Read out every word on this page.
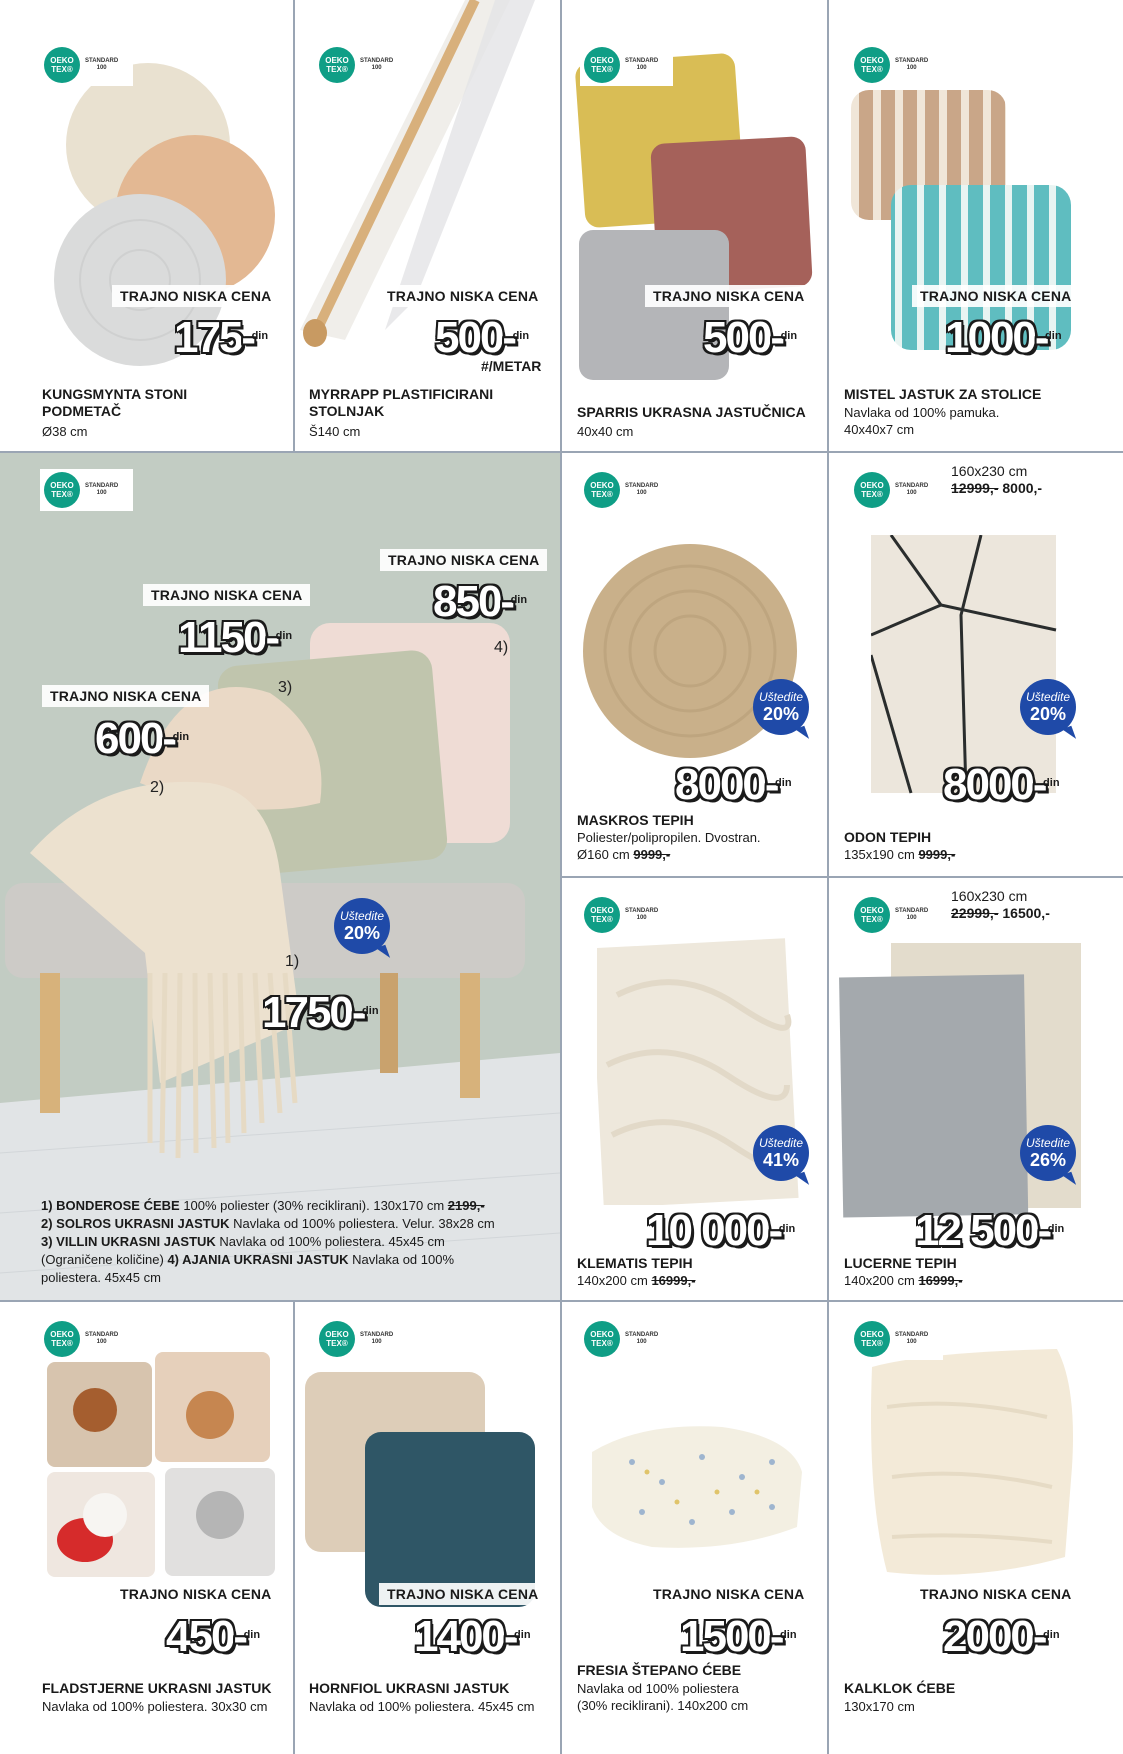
OEKO
TEX®
STANDARD
100
TRAJNO NISKA CENA
175-
din
KUNGSMYNTA STONI
PODMETAČ
Ø38 cm
OEKO
TEX®
STANDARD
100
TRAJNO NISKA CENA
500-
din
#/METAR
MYRRAPP PLASTIFICIRANI
STOLNJAK
Š140 cm
OEKO
TEX®
STANDARD
100
TRAJNO NISKA CENA
500-
din
SPARRIS UKRASNA JASTUČNICA
40x40 cm
OEKO
TEX®
STANDARD
100
TRAJNO NISKA CENA
1000-
din
MISTEL JASTUK ZA STOLICE
Navlaka od 100% pamuka.
40x40x7 cm
OEKO
TEX®
STANDARD
100
TRAJNO NISKA CENA
850-
din
4)
TRAJNO NISKA CENA
1150-
din
3)
TRAJNO NISKA CENA
600-
din
2)
Uštedite
20%
1)
1750-
din
1) BONDEROSE ĆEBE 100% poliester (30% reciklirani). 130x170 cm 2199,-
2) SOLROS UKRASNI JASTUK Navlaka od 100% poliestera. Velur. 38x28 cm
3) VILLIN UKRASNI JASTUK Navlaka od 100% poliestera. 45x45 cm
(Ograničene količine) 4) AJANIA UKRASNI JASTUK Navlaka od 100%
poliestera. 45x45 cm
OEKO
TEX®
STANDARD
100
Uštedite
20%
8000-
din
MASKROS TEPIH
Poliester/polipropilen. Dvostran.
Ø160 cm 9999,-
OEKO
TEX®
STANDARD
100
160x230 cm
12999,- 8000,-
Uštedite
20%
8000-
din
ODON TEPIH
135x190 cm 9999,-
OEKO
TEX®
STANDARD
100
Uštedite
41%
10 000-
din
KLEMATIS TEPIH
140x200 cm 16999,-
OEKO
TEX®
STANDARD
100
160x230 cm
22999,- 16500,-
Uštedite
26%
12 500-
din
LUCERNE TEPIH
140x200 cm 16999,-
OEKO
TEX®
STANDARD
100
TRAJNO NISKA CENA
450-
din
FLADSTJERNE UKRASNI JASTUK
Navlaka od 100% poliestera. 30x30 cm
OEKO
TEX®
STANDARD
100
TRAJNO NISKA CENA
1400-
din
HORNFIOL UKRASNI JASTUK
Navlaka od 100% poliestera. 45x45 cm
OEKO
TEX®
STANDARD
100
TRAJNO NISKA CENA
1500-
din
FRESIA ŠTEPANO ĆEBE
Navlaka od 100% poliestera
(30% reciklirani). 140x200 cm
OEKO
TEX®
STANDARD
100
TRAJNO NISKA CENA
2000-
din
KALKLOK ĆEBE
130x170 cm
